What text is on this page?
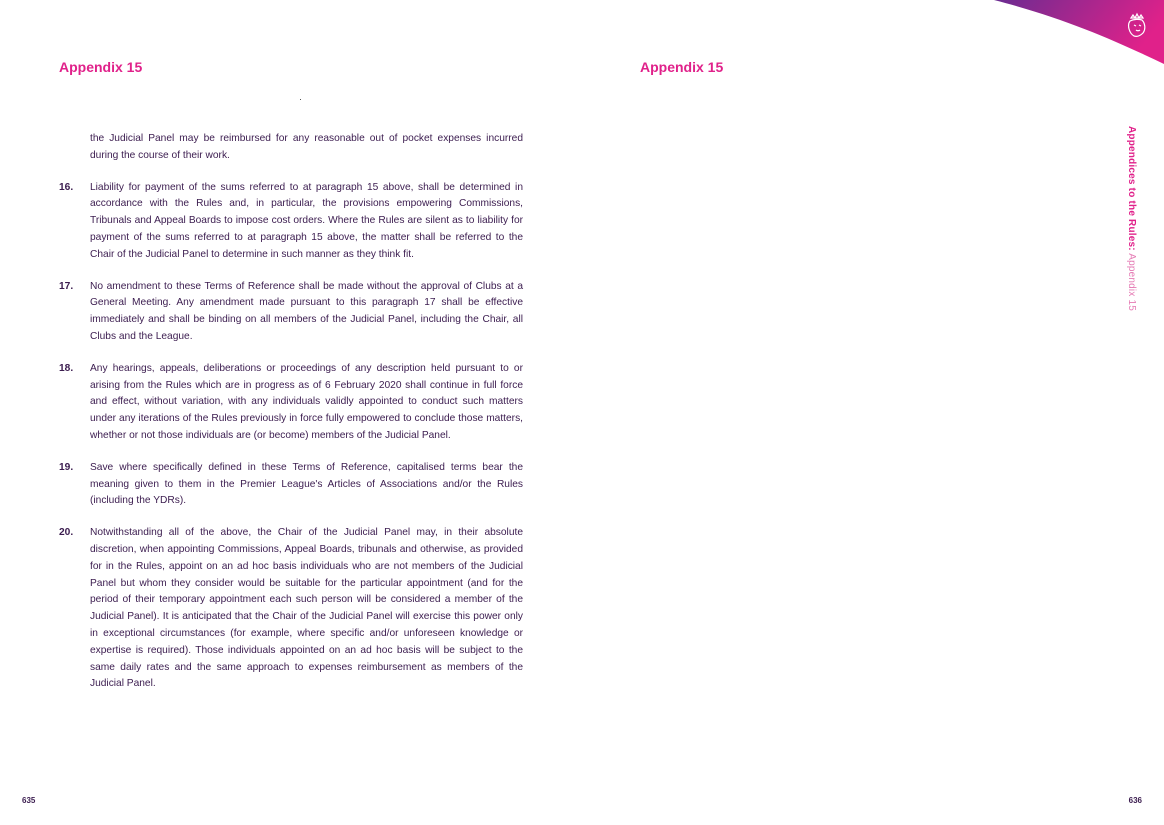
Appendix 15

the Judicial Panel may be reimbursed for any reasonable out of pocket expenses incurred during the course of their work.

16.	Liability for payment of the sums referred to at paragraph 15 above, shall be determined in accordance with the Rules and, in particular, the provisions empowering Commissions, Tribunals and Appeal Boards to impose cost orders. Where the Rules are silent as to liability for payment of the sums referred to at paragraph 15 above, the matter shall be referred to the Chair of the Judicial Panel to determine in such manner as they think fit.

17.	No amendment to these Terms of Reference shall be made without the approval of Clubs at a General Meeting. Any amendment made pursuant to this paragraph 17 shall be effective immediately and shall be binding on all members of the Judicial Panel, including the Chair, all Clubs and the League.

18.	Any hearings, appeals, deliberations or proceedings of any description held pursuant to or arising from the Rules which are in progress as of 6 February 2020 shall continue in full force and effect, without variation, with any individuals validly appointed to conduct such matters under any iterations of the Rules previously in force fully empowered to conclude those matters, whether or not those individuals are (or become) members of the Judicial Panel.

19.	Save where specifically defined in these Terms of Reference, capitalised terms bear the meaning given to them in the Premier League's Articles of Associations and/or the Rules (including the YDRs).

20.	Notwithstanding all of the above, the Chair of the Judicial Panel may, in their absolute discretion, when appointing Commissions, Appeal Boards, tribunals and otherwise, as provided for in the Rules, appoint on an ad hoc basis individuals who are not members of the Judicial Panel but whom they consider would be suitable for the particular appointment (and for the period of their temporary appointment each such person will be considered a member of the Judicial Panel). It is anticipated that the Chair of the Judicial Panel will exercise this power only in exceptional circumstances (for example, where specific and/or unforeseen knowledge or expertise is required). Those individuals appointed on an ad hoc basis will be subject to the same daily rates and the same approach to expenses reimbursement as members of the Judicial Panel.

635
Appendix 15
Appendices to the Rules: Appendix 15
636
